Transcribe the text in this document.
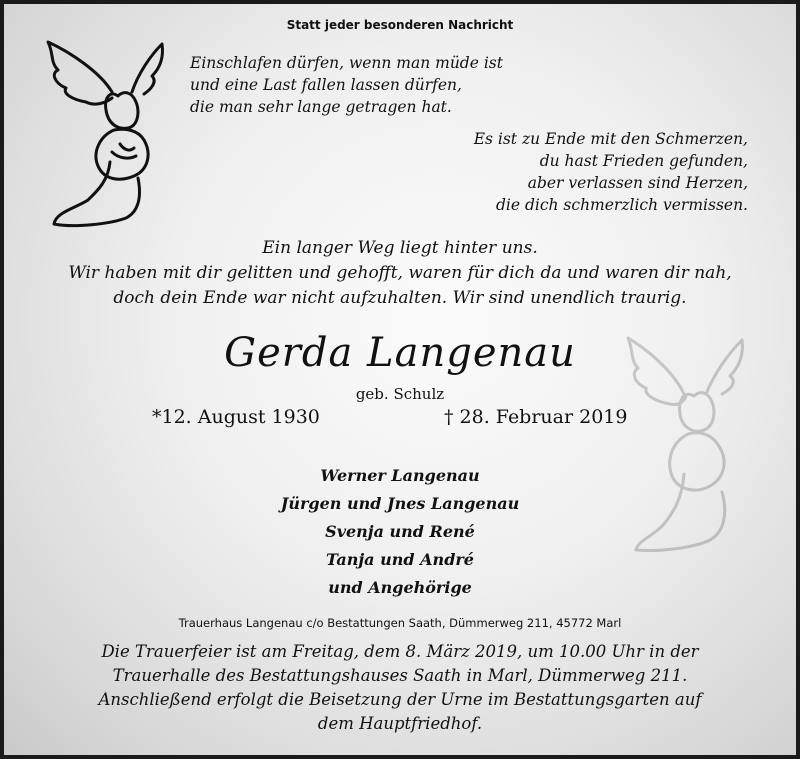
Statt jeder besonderen Nachricht
Einschlafen dürfen, wenn man müde ist
und eine Last fallen lassen dürfen,
die man sehr lange getragen hat.
Es ist zu Ende mit den Schmerzen,
du hast Frieden gefunden,
aber verlassen sind Herzen,
die dich schmerzlich vermissen.
Ein langer Weg liegt hinter uns.
Wir haben mit dir gelitten und gehofft, waren für dich da und waren dir nah,
doch dein Ende war nicht aufzuhalten. Wir sind unendlich traurig.
Gerda Langenau
geb. Schulz
*12. August 1930	† 28. Februar 2019
Werner Langenau
Jürgen und Jnes Langenau
Svenja und René
Tanja und André
und Angehörige
Trauerhaus Langenau c/o Bestattungen Saath, Dümmerweg 211, 45772 Marl
Die Trauerfeier ist am Freitag, dem 8. März 2019, um 10.00 Uhr in der
Trauerhalle des Bestattungshauses Saath in Marl, Dümmerweg 211.
Anschließend erfolgt die Beisetzung der Urne im Bestattungsgarten auf
dem Hauptfriedhof.
